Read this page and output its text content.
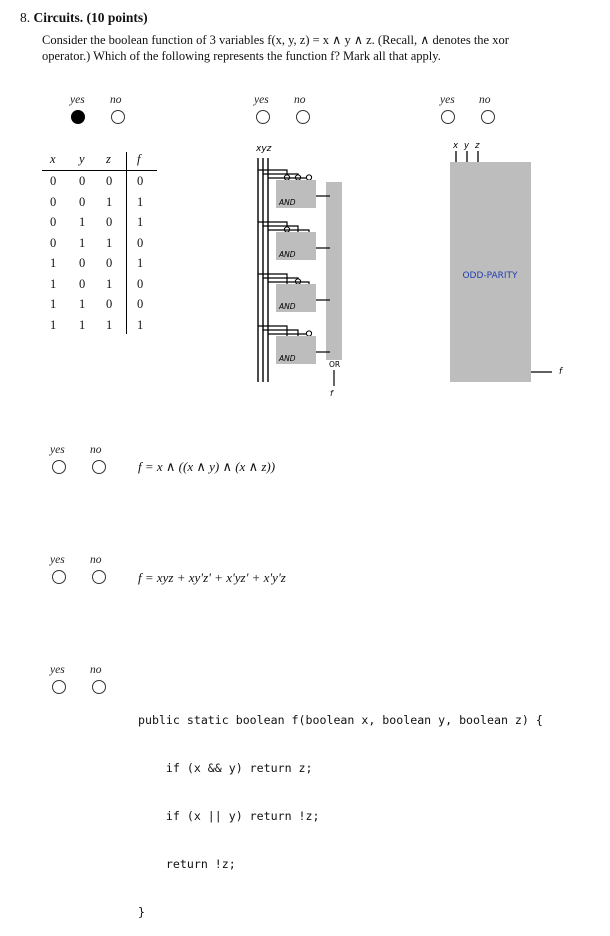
8. Circuits. (10 points)
Consider the boolean function of 3 variables f(x, y, z) = x ∧ y ∧ z. (Recall, ∧ denotes the xor
operator.) Which of the following represents the function f? Mark all that apply.
yes no
x y z f
0 0 0 0
0 0 1 1
0 1 0 1
0 1 1 0
1 0 0 1
1 0 1 0
1 1 0 0
1 1 1 1
yes no
xyz
OR
f
AND
AND
AND
AND
yes no
x y z
ODD-PARITY
f
yes no
f = x ∧ ((x ∧ y) ∧ (x ∧ z))
yes no
f = xyz + xy'z' + x'yz' + x'y'z
yes no

public static boolean f(boolean x, boolean y, boolean z) {

if (x && y) return z;

if (x || y) return !z;

return !z;

}
